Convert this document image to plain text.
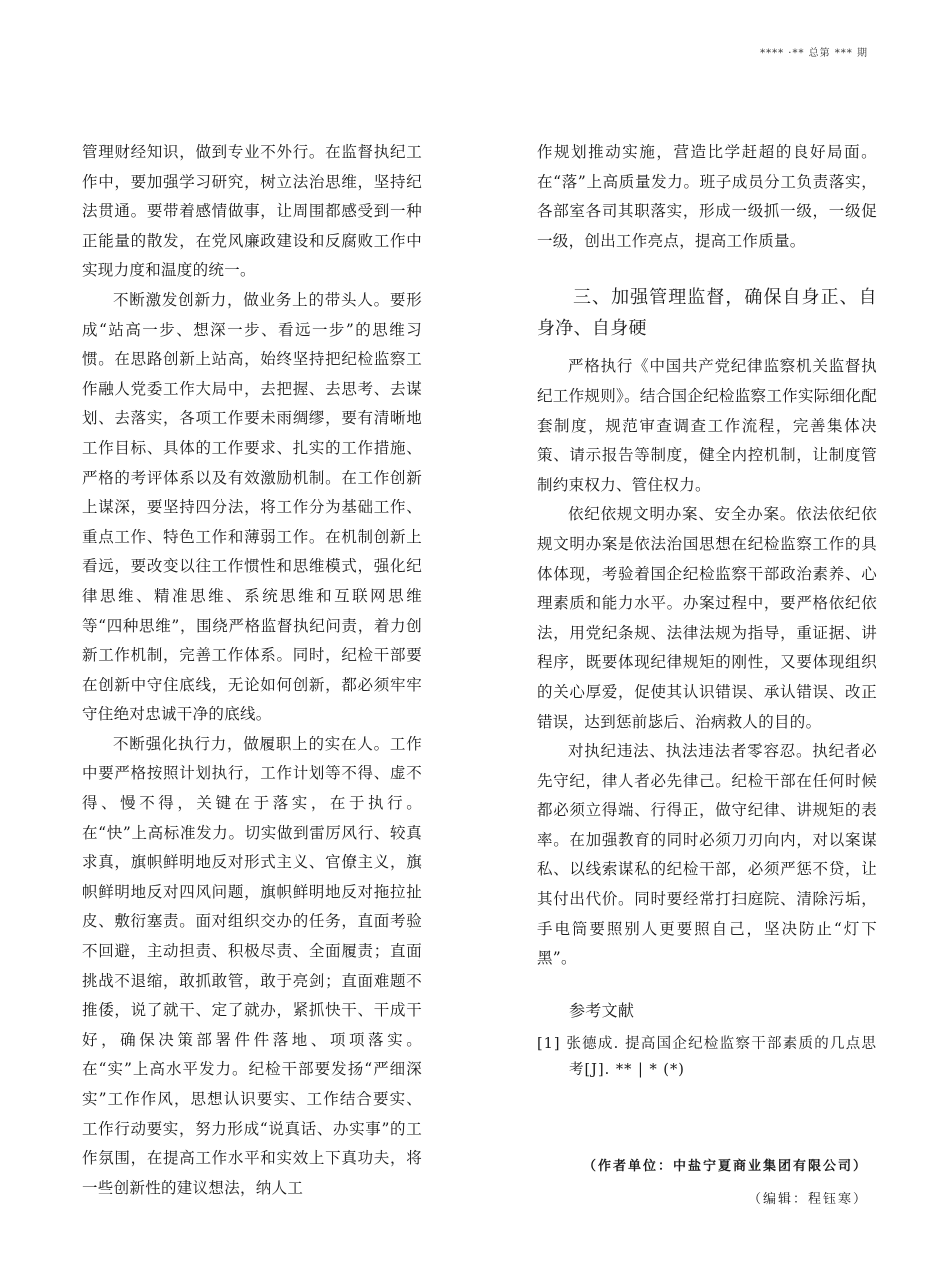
**** ·** 总第 *** 期

管理财经知识，做到专业不外行。在监督执纪工作中，要加强学习研究，树立法治思维，坚持纪法贯通。要带着感情做事，让周围都感受到一种正能量的散发，在党风廉政建设和反腐败工作中实现力度和温度的统一。

不断激发创新力，做业务上的带头人。要形成“站高一步、想深一步、看远一步”的思维习惯。在思路创新上站高，始终坚持把纪检监察工作融人党委工作大局中，去把握、去思考、去谋划、去落实，各项工作要未雨绸缪，要有清晰地工作目标、具体的工作要求、扎实的工作措施、严格的考评体系以及有效激励机制。在工作创新上谋深，要坚持四分法，将工作分为基础工作、重点工作、特色工作和薄弱工作。在机制创新上看远，要改变以往工作惯性和思维模式，强化纪律思维、精准思维、系统思维和互联网思维等“四种思维”，围绕严格监督执纪问责，着力创新工作机制，完善工作体系。同时，纪检干部要在创新中守住底线，无论如何创新，都必须牢牢守住绝对忠诚干净的底线。

不断强化执行力，做履职上的实在人。工作中要严格按照计划执行，工作计划等不得、虚不得、慢不得，关键在于落实，在于执行。在“快”上高标准发力。切实做到雷厉风行、较真求真，旗帜鲜明地反对形式主义、官僚主义，旗帜鲜明地反对四风问题，旗帜鲜明地反对拖拉扯皮、敷衍塞责。面对组织交办的任务，直面考验不回避，主动担责、积极尽责、全面履责；直面挑战不退缩，敢抓敢管，敢于亮剑；直面难题不推倭，说了就干、定了就办，紧抓快干、干成干好，确保决策部署件件落地、项项落实。在“实”上高水平发力。纪检干部要发扬“严细深实”工作作风，思想认识要实、工作结合要实、工作行动要实，努力形成“说真话、办实事”的工作氛围，在提高工作水平和实效上下真功夫，将一些创新性的建议想法，纳人工

作规划推动实施，营造比学赶超的良好局面。在“落”上高质量发力。班子成员分工负责落实，各部室各司其职落实，形成一级抓一级，一级促一级，创出工作亮点，提高工作质量。

三、加强管理监督，确保自身正、自身净、自身硬

严格执行《中国共产党纪律监察机关监督执纪工作规则》。结合国企纪检监察工作实际细化配套制度，规范审查调查工作流程，完善集体决策、请示报告等制度，健全内控机制，让制度管制约束权力、管住权力。

依纪依规文明办案、安全办案。依法依纪依规文明办案是依法治国思想在纪检监察工作的具体体现，考验着国企纪检监察干部政治素养、心理素质和能力水平。办案过程中，要严格依纪依法，用党纪条规、法律法规为指导，重证据、讲程序，既要体现纪律规矩的刚性，又要体现组织的关心厚爱，促使其认识错误、承认错误、改正错误，达到惩前毖后、治病救人的目的。

对执纪违法、执法违法者零容忍。执纪者必先守纪，律人者必先律己。纪检干部在任何时候都必须立得端、行得正，做守纪律、讲规矩的表率。在加强教育的同时必须刀刃向内，对以案谋私、以线索谋私的纪检干部，必须严惩不贷，让其付出代价。同时要经常打扫庭院、清除污垢，手电筒要照别人更要照自己，坚决防止“灯下黑”。

参考文献

[1] 张德成. 提高国企纪检监察干部素质的几点思考[J]. ** | * (*)

（作者单位：中盐宁夏商业集团有限公司）
（编辑：程钰寒）
